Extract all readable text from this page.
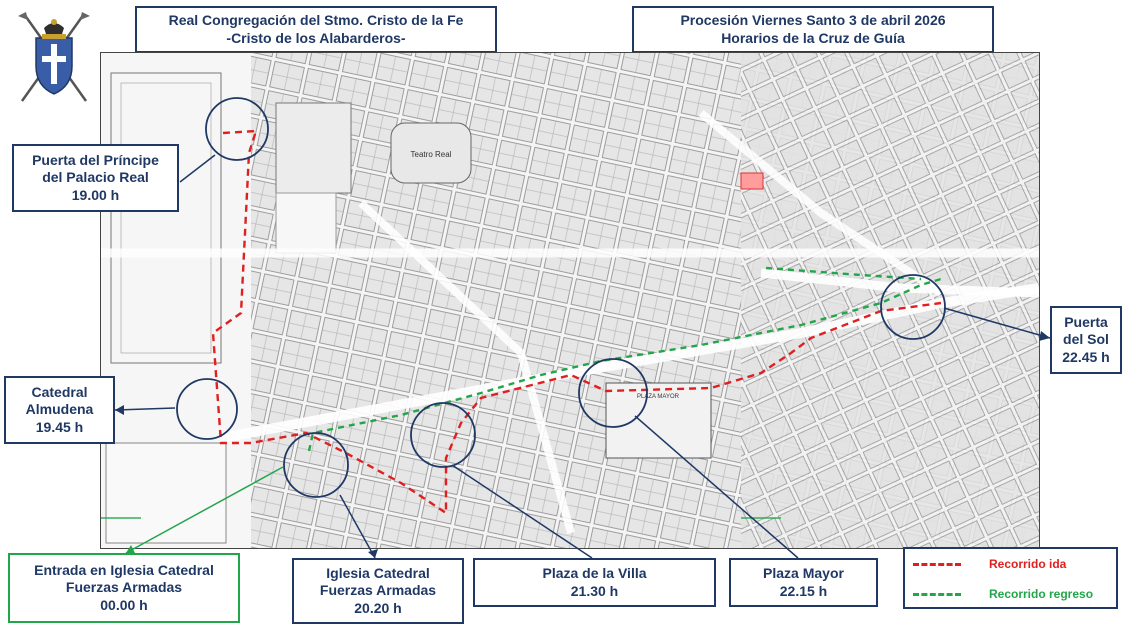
Real Congregación del Stmo. Cristo de la Fe
-Cristo de los Alabarderos-
Procesión Viernes Santo 3 de abril 2026
Horarios de la Cruz de Guía
Teatro Real
PLAZA MAYOR
Puerta del Príncipe
del Palacio Real
19.00 h
Catedral
Almudena
19.45 h
Entrada en Iglesia Catedral
Fuerzas Armadas
00.00 h
Iglesia Catedral
Fuerzas Armadas
20.20 h
Plaza de la Villa
21.30 h
Plaza Mayor
22.15 h
Puerta
del Sol
22.45 h
Recorrido ida
Recorrido regreso
